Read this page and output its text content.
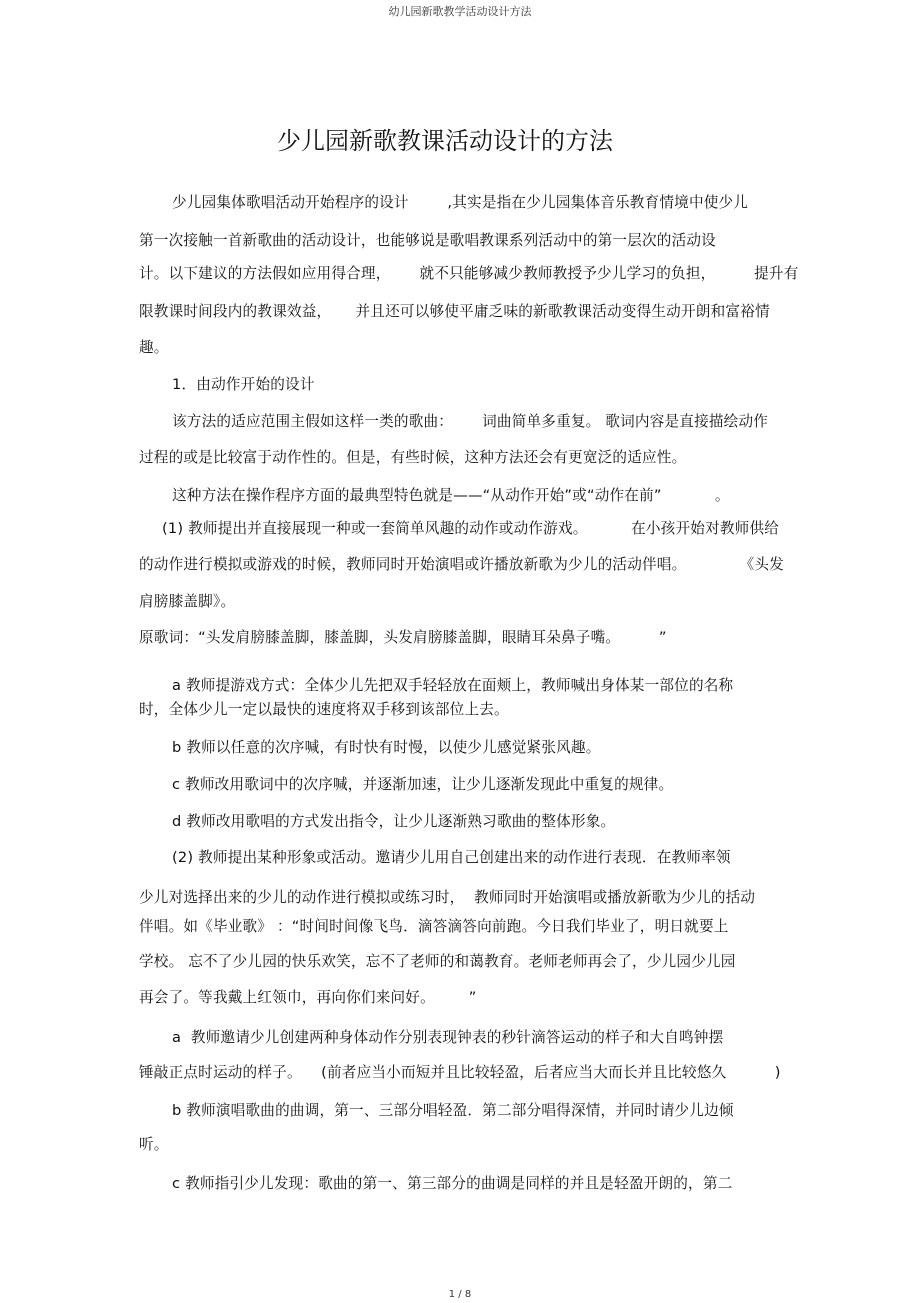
幼儿园新歌教学活动设计方法
少儿园新歌教课活动设计的方法
少儿园集体歌唱活动开始程序的设计        ,其实是指在少儿园集体音乐教育情境中使少儿
第一次接触一首新歌曲的活动设计，也能够说是歌唱教课系列活动中的第一层次的活动设
计。以下建议的方法假如应用得合理，      就不只能够减少教师教授予少儿学习的负担，        提升有
限教课时间段内的教课效益，     并且还可以够使平庸乏味的新歌教课活动变得生动开朗和富裕情
趣。
1．由动作开始的设计
该方法的适应范围主假如这样一类的歌曲：      词曲简单多重复。 歌词内容是直接描绘动作
过程的或是比较富于动作性的。但是，有些时候，这种方法还会有更宽泛的适应性。
这种方法在操作程序方面的最典型特色就是——“从动作开始”或“动作在前”           。
(1) 教师提出并直接展现一种或一套简单风趣的动作或动作游戏。         在小孩开始对教师供给
的动作进行模拟或游戏的时候，教师同时开始演唱或许播放新歌为少儿的活动伴唱。           《头发
肩膀膝盖脚》。
原歌词：“头发肩膀膝盖脚，膝盖脚，头发肩膀膝盖脚，眼睛耳朵鼻子嘴。        ”
a 教师提游戏方式：全体少儿先把双手轻轻放在面颊上，教师喊出身体某一部位的名称
时，全体少儿一定以最快的速度将双手移到该部位上去。
b 教师以任意的次序喊，有时快有时慢，以使少儿感觉紧张风趣。
c 教师改用歌词中的次序喊，并逐渐加速，让少儿逐渐发现此中重复的规律。
d 教师改用歌唱的方式发出指令，让少儿逐渐熟习歌曲的整体形象。
(2) 教师提出某种形象或活动。邀请少儿用自己创建出来的动作进行表现．在教师率领
少儿对选择出来的少儿的动作进行模拟或练习时，  教师同时开始演唱或播放新歌为少儿的括动
伴唱。如《毕业歌》 ：“时间时间像飞鸟．滴答滴答向前跑。今日我们毕业了，明日就要上
学校。 忘不了少儿园的快乐欢笑，忘不了老师的和蔼教育。老师老师再会了，少儿园少儿园
再会了。等我戴上红领巾，再向你们来问好。       ”
a  教师邀请少儿创建两种身体动作分别表现钟表的秒针滴答运动的样子和大自鸣钟摆
锤敲正点时运动的样子。    (前者应当小而短并且比较轻盈，后者应当大而长并且比较悠久          )
b 教师演唱歌曲的曲调，第一、三部分唱轻盈．第二部分唱得深情，并同时请少儿边倾
听。
c 教师指引少儿发现：歌曲的第一、第三部分的曲调是同样的并且是轻盈开朗的，第二
1 / 8
